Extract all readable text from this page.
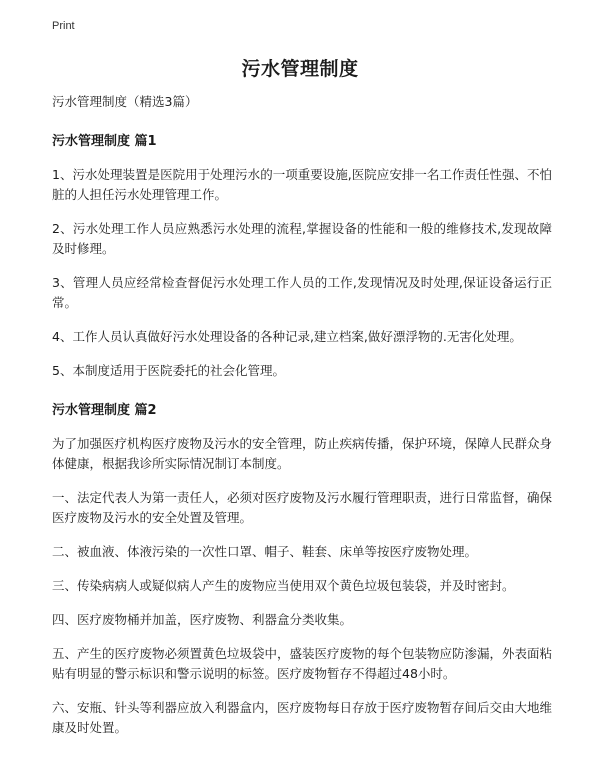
Print
污水管理制度
污水管理制度（精选3篇）
污水管理制度 篇1

1、污水处理装置是医院用于处理污水的一项重要设施,医院应安排一名工作责任性强、不怕脏的人担任污水处理管理工作。

2、污水处理工作人员应熟悉污水处理的流程,掌握设备的性能和一般的维修技术,发现故障及时修理。

3、管理人员应经常检查督促污水处理工作人员的工作,发现情况及时处理,保证设备运行正常。

4、工作人员认真做好污水处理设备的各种记录,建立档案,做好漂浮物的.无害化处理。

5、本制度适用于医院委托的社会化管理。

污水管理制度 篇2

为了加强医疗机构医疗废物及污水的安全管理，防止疾病传播，保护环境，保障人民群众身体健康，根据我诊所实际情况制订本制度。

一、法定代表人为第一责任人，必须对医疗废物及污水履行管理职责，进行日常监督，确保医疗废物及污水的安全处置及管理。

二、被血液、体液污染的一次性口罩、帽子、鞋套、床单等按医疗废物处理。

三、传染病病人或疑似病人产生的废物应当使用双个黄色垃圾包装袋，并及时密封。

四、医疗废物桶并加盖，医疗废物、利器盒分类收集。

五、产生的医疗废物必须置黄色垃圾袋中，盛装医疗废物的每个包装物应防渗漏，外表面粘贴有明显的警示标识和警示说明的标签。医疗废物暂存不得超过48小时。

六、安瓶、针头等利器应放入利器盒内，医疗废物每日存放于医疗废物暂存间后交由大地维康及时处置。
